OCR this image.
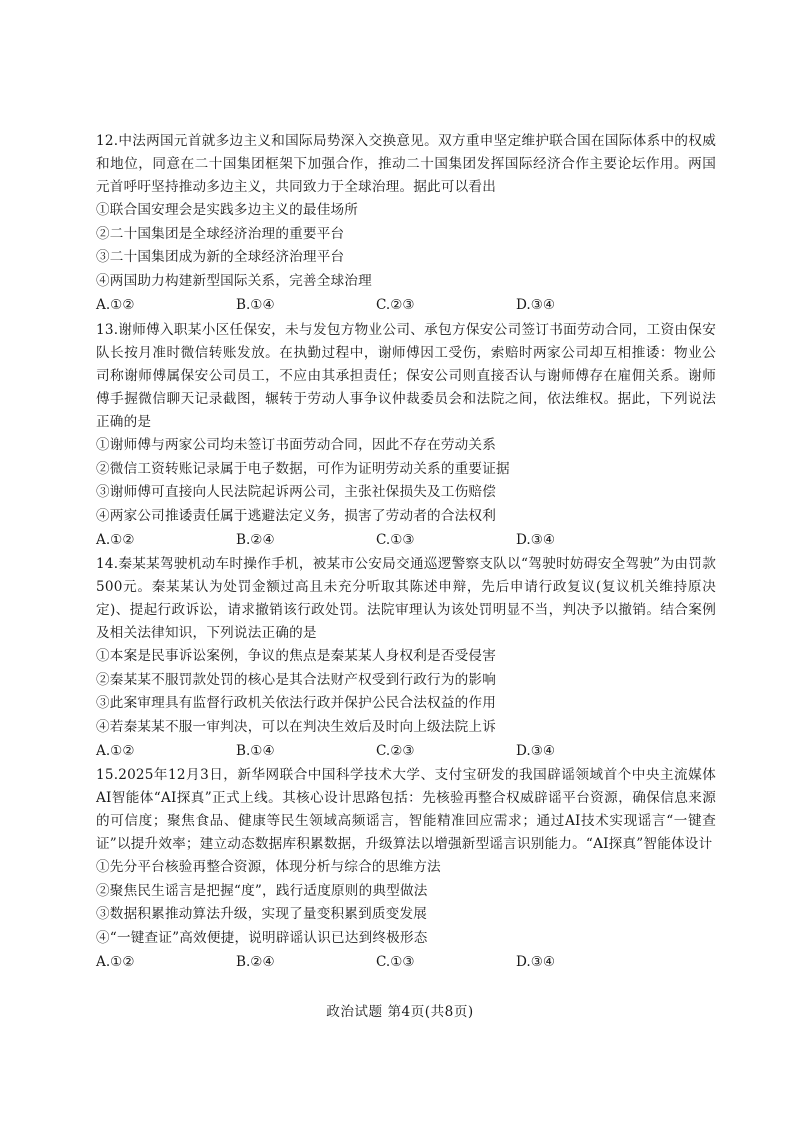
12.中法两国元首就多边主义和国际局势深入交换意见。双方重申坚定维护联合国在国际体系中的权威和地位，同意在二十国集团框架下加强合作，推动二十国集团发挥国际经济合作主要论坛作用。两国元首呼吁坚持推动多边主义，共同致力于全球治理。据此可以看出

①联合国安理会是实践多边主义的最佳场所

②二十国集团是全球经济治理的重要平台

③二十国集团成为新的全球经济治理平台

④两国助力构建新型国际关系，完善全球治理

A.①②	B.①④	C.②③	D.③④

13.谢师傅入职某小区任保安，未与发包方物业公司、承包方保安公司签订书面劳动合同，工资由保安队长按月准时微信转账发放。在执勤过程中，谢师傅因工受伤，索赔时两家公司却互相推诿：物业公司称谢师傅属保安公司员工，不应由其承担责任；保安公司则直接否认与谢师傅存在雇佣关系。谢师傅手握微信聊天记录截图，辗转于劳动人事争议仲裁委员会和法院之间，依法维权。据此，下列说法正确的是

①谢师傅与两家公司均未签订书面劳动合同，因此不存在劳动关系

②微信工资转账记录属于电子数据，可作为证明劳动关系的重要证据

③谢师傅可直接向人民法院起诉两公司，主张社保损失及工伤赔偿

④两家公司推诿责任属于逃避法定义务，损害了劳动者的合法权利

A.①②	B.②④	C.①③	D.③④

14.秦某某驾驶机动车时操作手机，被某市公安局交通巡逻警察支队以“驾驶时妨碍安全驾驶”为由罚款500元。秦某某认为处罚金额过高且未充分听取其陈述申辩，先后申请行政复议(复议机关维持原决定)、提起行政诉讼，请求撤销该行政处罚。法院审理认为该处罚明显不当，判决予以撤销。结合案例及相关法律知识，下列说法正确的是

①本案是民事诉讼案例，争议的焦点是秦某某人身权利是否受侵害

②秦某某不服罚款处罚的核心是其合法财产权受到行政行为的影响

③此案审理具有监督行政机关依法行政并保护公民合法权益的作用

④若秦某某不服一审判决，可以在判决生效后及时向上级法院上诉

A.①②	B.①④	C.②③	D.③④

15.2025年12月3日，新华网联合中国科学技术大学、支付宝研发的我国辟谣领域首个中央主流媒体AI智能体“AI探真”正式上线。其核心设计思路包括：先核验再整合权威辟谣平台资源，确保信息来源的可信度；聚焦食品、健康等民生领域高频谣言，智能精准回应需求；通过AI技术实现谣言“一键查证”以提升效率；建立动态数据库积累数据，升级算法以增强新型谣言识别能力。“AI探真”智能体设计

①先分平台核验再整合资源，体现分析与综合的思维方法

②聚焦民生谣言是把握“度”，践行适度原则的典型做法

③数据积累推动算法升级，实现了量变积累到质变发展

④“一键查证”高效便捷，说明辟谣认识已达到终极形态

A.①②	B.②④	C.①③	D.③④
政治试题 第4页(共8页)
